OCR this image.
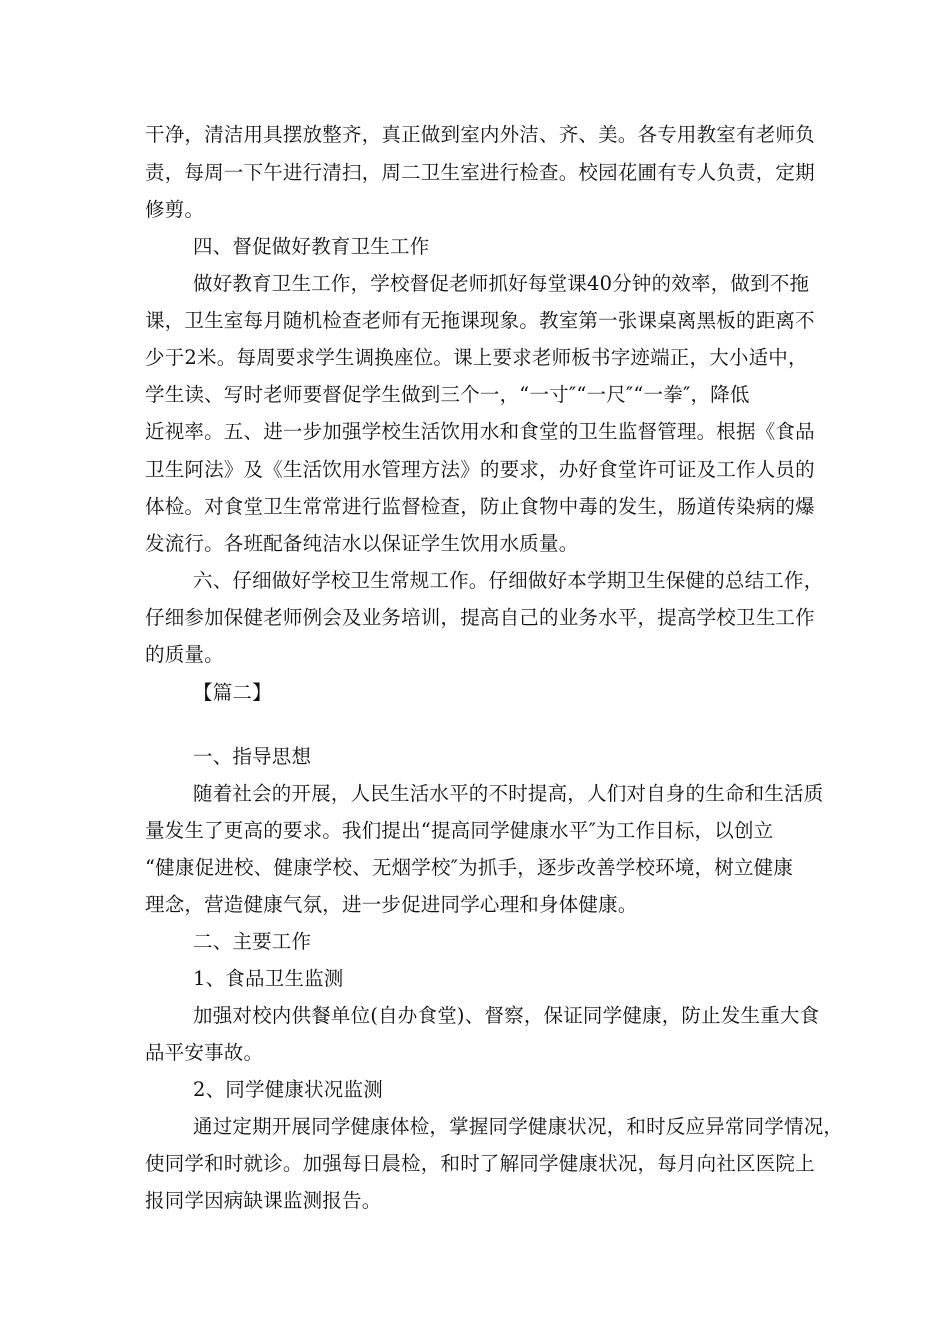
干净，清洁用具摆放整齐，真正做到室内外洁、齐、美。各专用教室有老师负
责，每周一下午进行清扫，周二卫生室进行检查。校园花圃有专人负责，定期
修剪。
四、督促做好教育卫生工作
做好教育卫生工作，学校督促老师抓好每堂课40分钟的效率，做到不拖
课，卫生室每月随机检查老师有无拖课现象。教室第一张课桌离黑板的距离不
少于2米。每周要求学生调换座位。课上要求老师板书字迹端正，大小适中，
学生读、写时老师要督促学生做到三个一，“一寸″“一尺″“一拳″，降低
近视率。五、进一步加强学校生活饮用水和食堂的卫生监督管理。根据《食品
卫生阿法》及《生活饮用水管理方法》的要求，办好食堂许可证及工作人员的
体检。对食堂卫生常常进行监督检查，防止食物中毒的发生，肠道传染病的爆
发流行。各班配备纯洁水以保证学生饮用水质量。
六、仔细做好学校卫生常规工作。仔细做好本学期卫生保健的总结工作，
仔细参加保健老师例会及业务培训，提高自己的业务水平，提高学校卫生工作
的质量。
【篇二】
一、指导思想
随着社会的开展，人民生活水平的不时提高，人们对自身的生命和生活质
量发生了更高的要求。我们提出“提高同学健康水平″为工作目标，以创立
“健康促进校、健康学校、无烟学校″为抓手，逐步改善学校环境，树立健康
理念，营造健康气氛，进一步促进同学心理和身体健康。
二、主要工作
1、食品卫生监测
加强对校内供餐单位(自办食堂)、督察，保证同学健康，防止发生重大食
品平安事故。
2、同学健康状况监测
通过定期开展同学健康体检，掌握同学健康状况，和时反应异常同学情况，
使同学和时就诊。加强每日晨检，和时了解同学健康状况，每月向社区医院上
报同学因病缺课监测报告。
